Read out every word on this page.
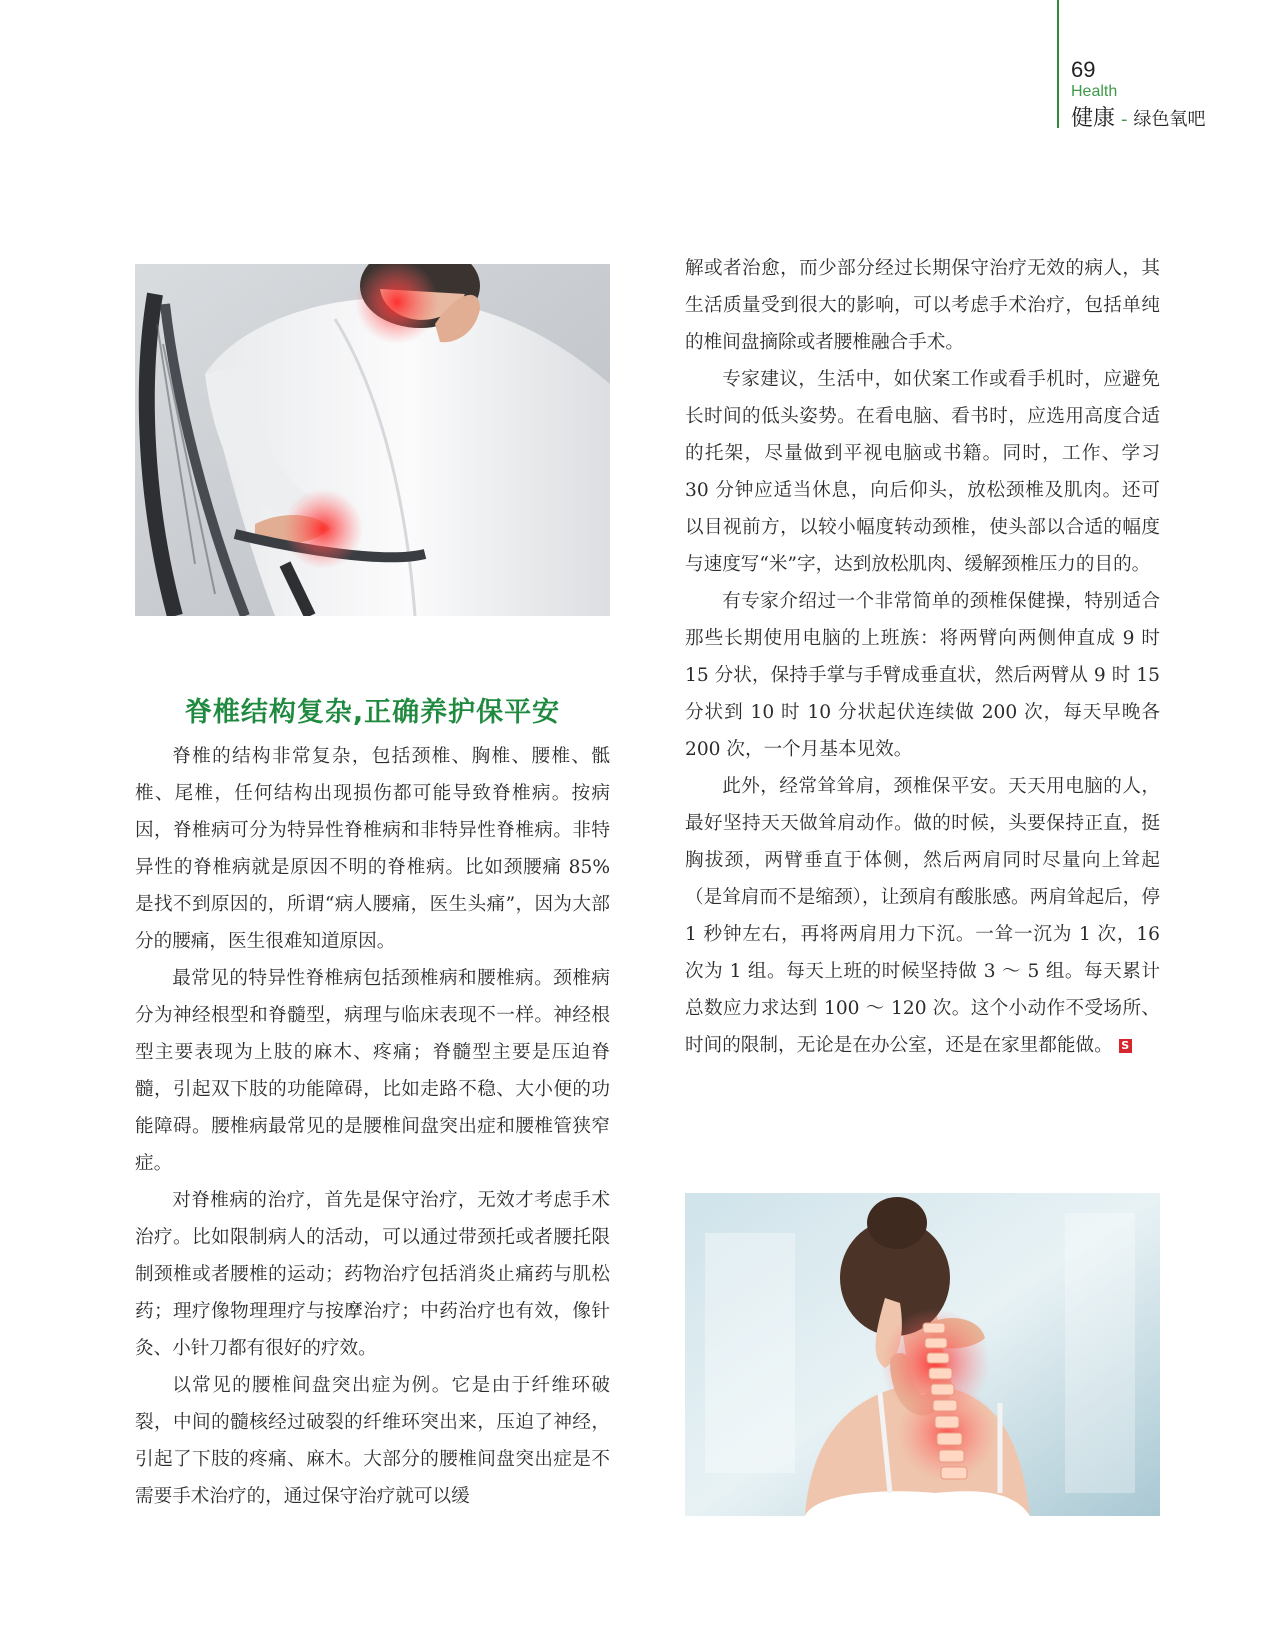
69
Health
健康 - 绿色氧吧
脊椎结构复杂,正确养护保平安

脊椎的结构非常复杂，包括颈椎、胸椎、腰椎、骶椎、尾椎，任何结构出现损伤都可能导致脊椎病。按病因，脊椎病可分为特异性脊椎病和非特异性脊椎病。非特异性的脊椎病就是原因不明的脊椎病。比如颈腰痛 85% 是找不到原因的，所谓“病人腰痛，医生头痛”，因为大部分的腰痛，医生很难知道原因。

最常见的特异性脊椎病包括颈椎病和腰椎病。颈椎病分为神经根型和脊髓型，病理与临床表现不一样。神经根型主要表现为上肢的麻木、疼痛；脊髓型主要是压迫脊髓，引起双下肢的功能障碍，比如走路不稳、大小便的功能障碍。腰椎病最常见的是腰椎间盘突出症和腰椎管狭窄症。

对脊椎病的治疗，首先是保守治疗，无效才考虑手术治疗。比如限制病人的活动，可以通过带颈托或者腰托限制颈椎或者腰椎的运动；药物治疗包括消炎止痛药与肌松药；理疗像物理理疗与按摩治疗；中药治疗也有效，像针灸、小针刀都有很好的疗效。

以常见的腰椎间盘突出症为例。它是由于纤维环破裂，中间的髓核经过破裂的纤维环突出来，压迫了神经，引起了下肢的疼痛、麻木。大部分的腰椎间盘突出症是不需要手术治疗的，通过保守治疗就可以缓

解或者治愈，而少部分经过长期保守治疗无效的病人，其生活质量受到很大的影响，可以考虑手术治疗，包括单纯的椎间盘摘除或者腰椎融合手术。

专家建议，生活中，如伏案工作或看手机时，应避免长时间的低头姿势。在看电脑、看书时，应选用高度合适的托架，尽量做到平视电脑或书籍。同时，工作、学习 30 分钟应适当休息，向后仰头，放松颈椎及肌肉。还可以目视前方，以较小幅度转动颈椎，使头部以合适的幅度与速度写“米”字，达到放松肌肉、缓解颈椎压力的目的。

有专家介绍过一个非常简单的颈椎保健操，特别适合那些长期使用电脑的上班族：将两臂向两侧伸直成 9 时 15 分状，保持手掌与手臂成垂直状，然后两臂从 9 时 15 分状到 10 时 10 分状起伏连续做 200 次，每天早晚各 200 次，一个月基本见效。

此外，经常耸耸肩，颈椎保平安。天天用电脑的人，最好坚持天天做耸肩动作。做的时候，头要保持正直，挺胸拔颈，两臂垂直于体侧，然后两肩同时尽量向上耸起（是耸肩而不是缩颈），让颈肩有酸胀感。两肩耸起后，停 1 秒钟左右，再将两肩用力下沉。一耸一沉为 1 次，16 次为 1 组。每天上班的时候坚持做 3 ～ 5 组。每天累计总数应力求达到 100 ～ 120 次。这个小动作不受场所、时间的限制，无论是在办公室，还是在家里都能做。 S
